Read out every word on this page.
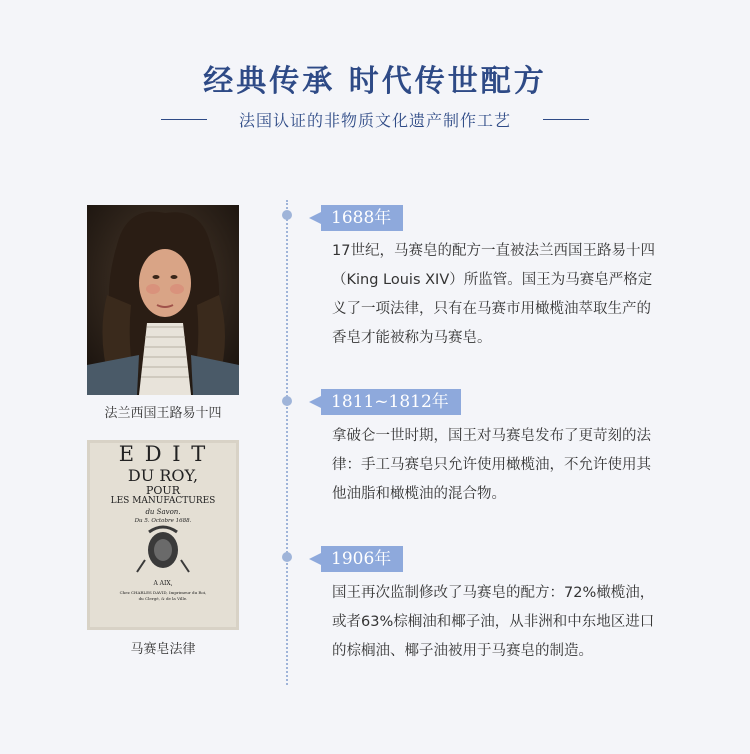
经典传承 时代传世配方
法国认证的非物质文化遗产制作工艺
法兰西国王路易十四
E D I T
DU ROY,
POUR
LES MANUFACTURES
du Savon.
Du 5. Octobre 1688.
A AIX,
Chez CHARLES DAVID, Imprimeur du Roi,
du Clergé, & de la Ville.
马赛皂法律
1688年
17世纪，马赛皂的配方一直被法兰西国王路易十四（King Louis XIV）所监管。国王为马赛皂严格定义了一项法律，只有在马赛市用橄榄油萃取生产的香皂才能被称为马赛皂。
1811~1812年
拿破仑一世时期，国王对马赛皂发布了更苛刻的法律：手工马赛皂只允许使用橄榄油，不允许使用其他油脂和橄榄油的混合物。
1906年
国王再次监制修改了马赛皂的配方：72%橄榄油，或者63%棕榈油和椰子油，从非洲和中东地区进口的棕榈油、椰子油被用于马赛皂的制造。
